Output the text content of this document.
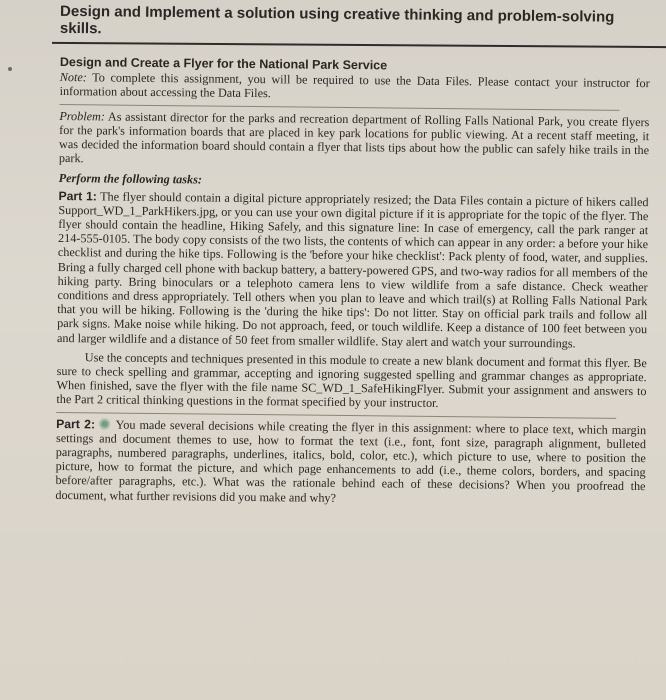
Design and Implement a solution using creative thinking and problem-solving skills.
Design and Create a Flyer for the National Park Service

Note: To complete this assignment, you will be required to use the Data Files. Please contact your instructor for information about accessing the Data Files.

Problem: As assistant director for the parks and recreation department of Rolling Falls National Park, you create flyers for the park's information boards that are placed in key park locations for public viewing. At a recent staff meeting, it was decided the information board should contain a flyer that lists tips about how the public can safely hike trails in the park.

Perform the following tasks:

Part 1: The flyer should contain a digital picture appropriately resized; the Data Files contain a picture of hikers called Support_WD_1_ParkHikers.jpg, or you can use your own digital picture if it is appropriate for the topic of the flyer. The flyer should contain the headline, Hiking Safely, and this signature line: In case of emergency, call the park ranger at 214-555-0105. The body copy consists of the two lists, the contents of which can appear in any order: a before your hike checklist and during the hike tips. Following is the 'before your hike checklist': Pack plenty of food, water, and supplies. Bring a fully charged cell phone with backup battery, a battery-powered GPS, and two-way radios for all members of the hiking party. Bring binoculars or a telephoto camera lens to view wildlife from a safe distance. Check weather conditions and dress appropriately. Tell others when you plan to leave and which trail(s) at Rolling Falls National Park that you will be hiking. Following is the 'during the hike tips': Do not litter. Stay on official park trails and follow all park signs. Make noise while hiking. Do not approach, feed, or touch wildlife. Keep a distance of 100 feet between you and larger wildlife and a distance of 50 feet from smaller wildlife. Stay alert and watch your surroundings.

Use the concepts and techniques presented in this module to create a new blank document and format this flyer. Be sure to check spelling and grammar, accepting and ignoring suggested spelling and grammar changes as appropriate. When finished, save the flyer with the file name SC_WD_1_SafeHikingFlyer. Submit your assignment and answers to the Part 2 critical thinking questions in the format specified by your instructor.

Part 2: You made several decisions while creating the flyer in this assignment: where to place text, which margin settings and document themes to use, how to format the text (i.e., font, font size, paragraph alignment, bulleted paragraphs, numbered paragraphs, underlines, italics, bold, color, etc.), which picture to use, where to position the picture, how to format the picture, and which page enhancements to add (i.e., theme colors, borders, and spacing before/after paragraphs, etc.). What was the rationale behind each of these decisions? When you proofread the document, what further revisions did you make and why?
